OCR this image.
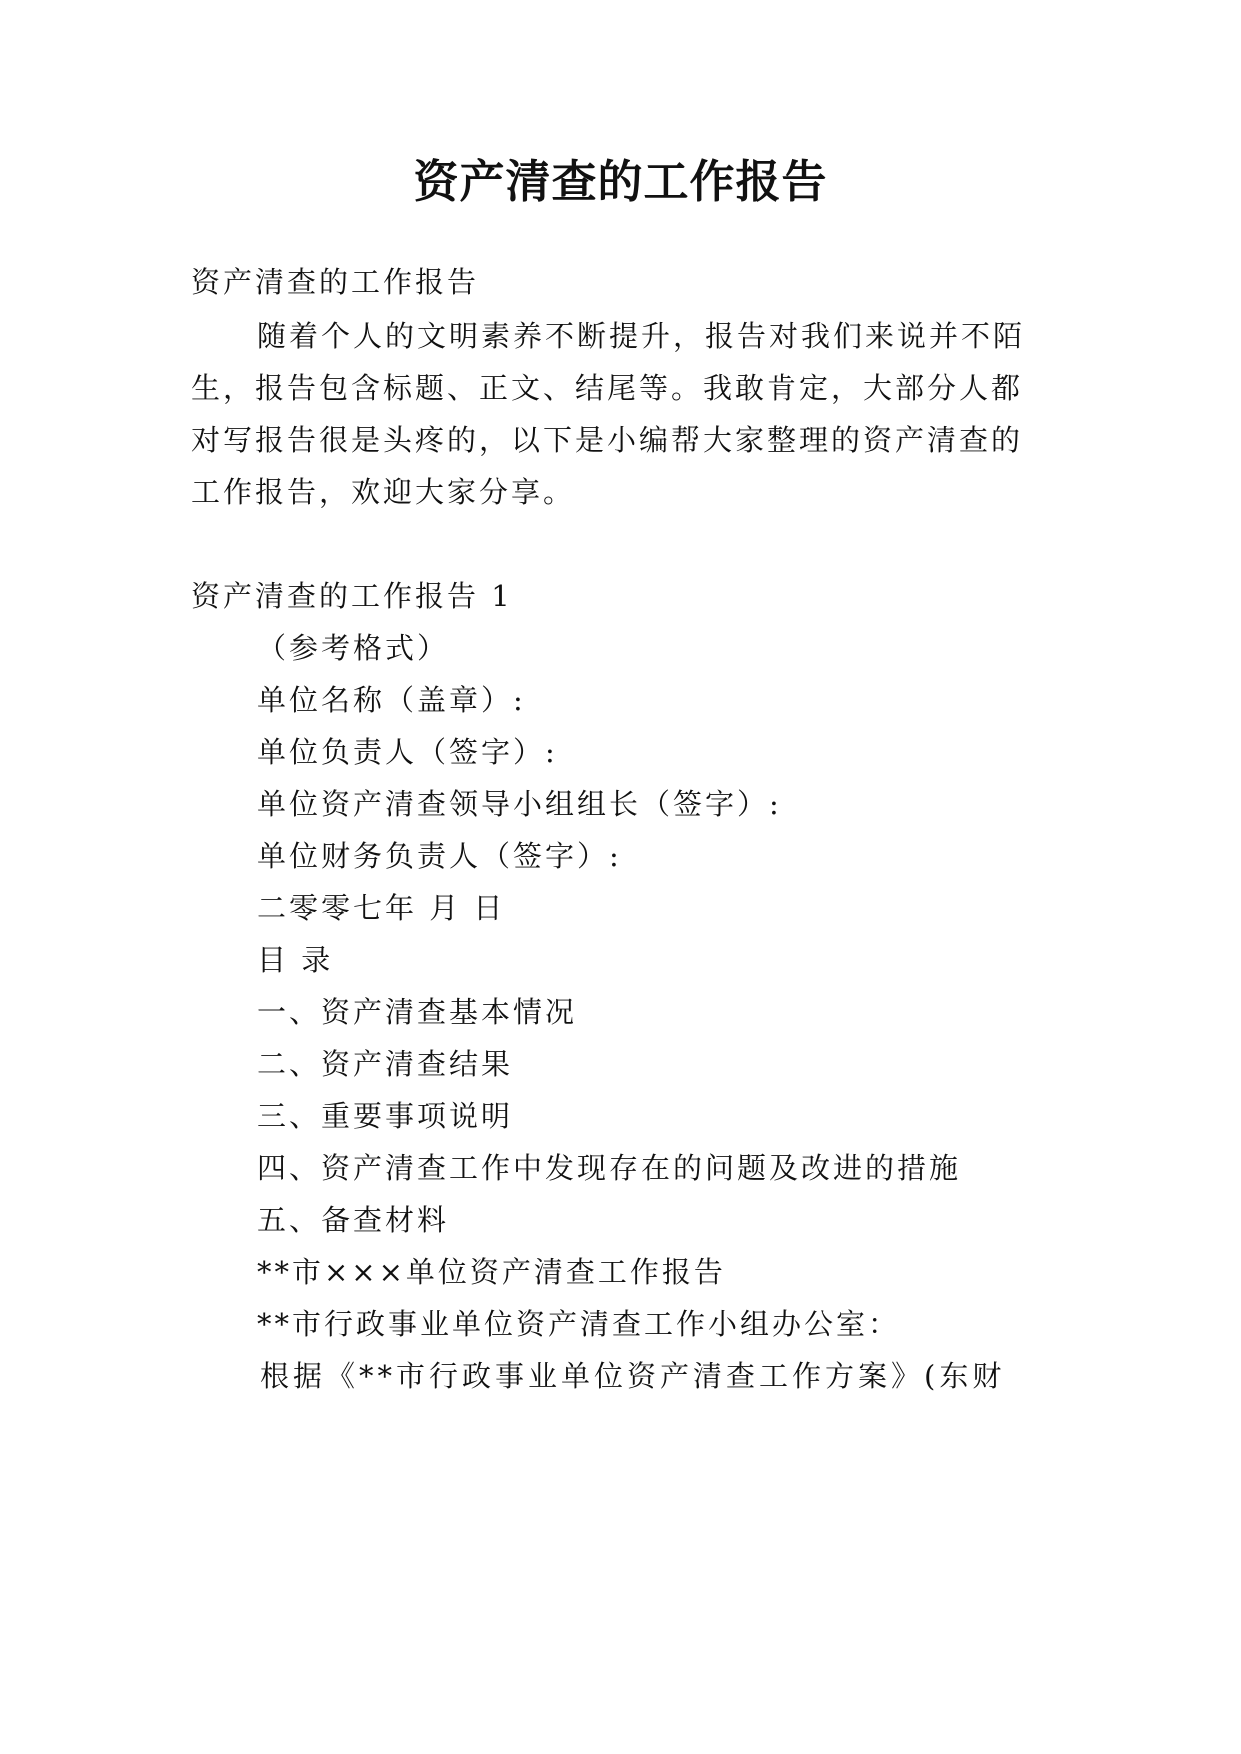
资产清查的工作报告
资产清查的工作报告
随着个人的文明素养不断提升，报告对我们来说并不陌
生，报告包含标题、正文、结尾等。我敢肯定，大部分人都
对写报告很是头疼的，以下是小编帮大家整理的资产清查的
工作报告，欢迎大家分享。
资产清查的工作报告 1
（参考格式）
单位名称（盖章）:
单位负责人（签字）:
单位资产清查领导小组组长（签字）:
单位财务负责人（签字）:
二零零七年 月 日
目 录
一、资产清查基本情况
二、资产清查结果
三、重要事项说明
四、资产清查工作中发现存在的问题及改进的措施
五、备查材料
**市×××单位资产清查工作报告
**市行政事业单位资产清查工作小组办公室：
根据《**市行政事业单位资产清查工作方案》(东财
